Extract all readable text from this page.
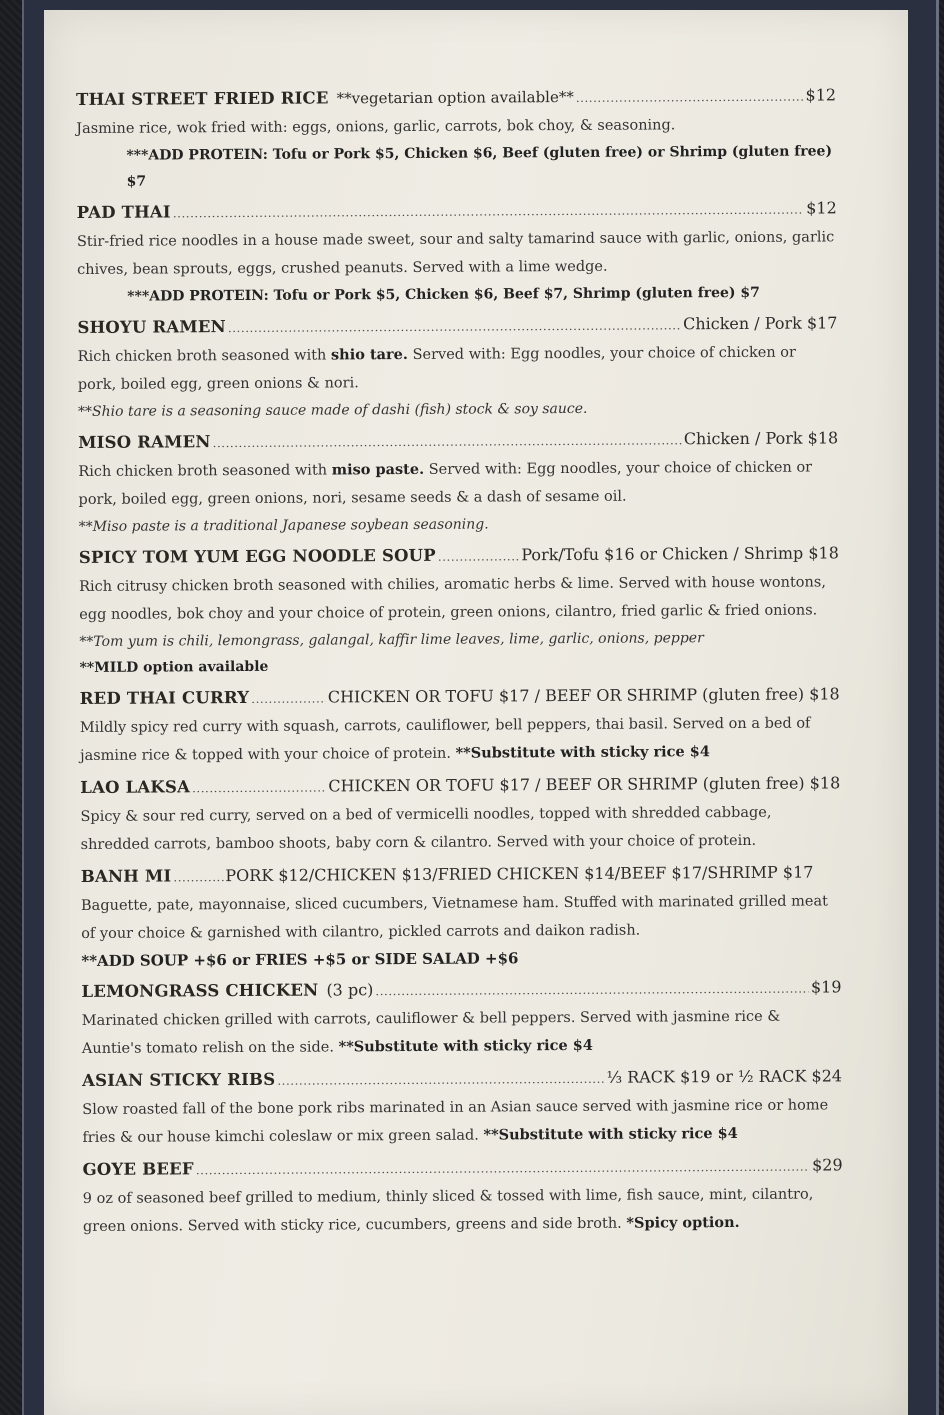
THAI STREET FRIED RICE **vegetarian option available** .....	$12
Jasmine rice, wok fried with: eggs, onions, garlic, carrots, bok choy, & seasoning.
***ADD PROTEIN: Tofu or Pork $5, Chicken $6, Beef (gluten free) or Shrimp (gluten free) $7
PAD THAI .....	$12
Stir-fried rice noodles in a house made sweet, sour and salty tamarind sauce with garlic, onions, garlic chives, bean sprouts, eggs, crushed peanuts. Served with a lime wedge.
***ADD PROTEIN: Tofu or Pork $5, Chicken $6, Beef $7, Shrimp (gluten free) $7
SHOYU RAMEN .....	Chicken / Pork $17
Rich chicken broth seasoned with shio tare. Served with: Egg noodles, your choice of chicken or pork, boiled egg, green onions & nori.
**Shio tare is a seasoning sauce made of dashi (fish) stock & soy sauce.
MISO RAMEN .....	Chicken / Pork $18
Rich chicken broth seasoned with miso paste. Served with: Egg noodles, your choice of chicken or pork, boiled egg, green onions, nori, sesame seeds & a dash of sesame oil.
**Miso paste is a traditional Japanese soybean seasoning.
SPICY TOM YUM EGG NOODLE SOUP .....	Pork/Tofu $16 or Chicken / Shrimp $18
Rich citrusy chicken broth seasoned with chilies, aromatic herbs & lime. Served with house wontons, egg noodles, bok choy and your choice of protein, green onions, cilantro, fried garlic & fried onions.
**Tom yum is chili, lemongrass, galangal, kaffir lime leaves, lime, garlic, onions, pepper
**MILD option available
RED THAI CURRY .....	CHICKEN OR TOFU $17 / BEEF OR SHRIMP (gluten free) $18
Mildly spicy red curry with squash, carrots, cauliflower, bell peppers, thai basil. Served on a bed of jasmine rice & topped with your choice of protein. **Substitute with sticky rice $4
LAO LAKSA .....	CHICKEN OR TOFU $17 / BEEF OR SHRIMP (gluten free) $18
Spicy & sour red curry, served on a bed of vermicelli noodles, topped with shredded cabbage, shredded carrots, bamboo shoots, baby corn & cilantro. Served with your choice of protein.
BANH MI .....	PORK $12/CHICKEN $13/FRIED CHICKEN $14/BEEF $17/SHRIMP $17
Baguette, pate, mayonnaise, sliced cucumbers, Vietnamese ham. Stuffed with marinated grilled meat of your choice & garnished with cilantro, pickled carrots and daikon radish.
**ADD SOUP +$6 or FRIES +$5 or SIDE SALAD +$6
LEMONGRASS CHICKEN (3 pc) .....	$19
Marinated chicken grilled with carrots, cauliflower & bell peppers. Served with jasmine rice & Auntie's tomato relish on the side. **Substitute with sticky rice $4
ASIAN STICKY RIBS .....	⅓ RACK $19 or ½ RACK $24
Slow roasted fall of the bone pork ribs marinated in an Asian sauce served with jasmine rice or home fries & our house kimchi coleslaw or mix green salad. **Substitute with sticky rice $4
GOYE BEEF .....	$29
9 oz of seasoned beef grilled to medium, thinly sliced & tossed with lime, fish sauce, mint, cilantro, green onions. Served with sticky rice, cucumbers, greens and side broth. *Spicy option.
